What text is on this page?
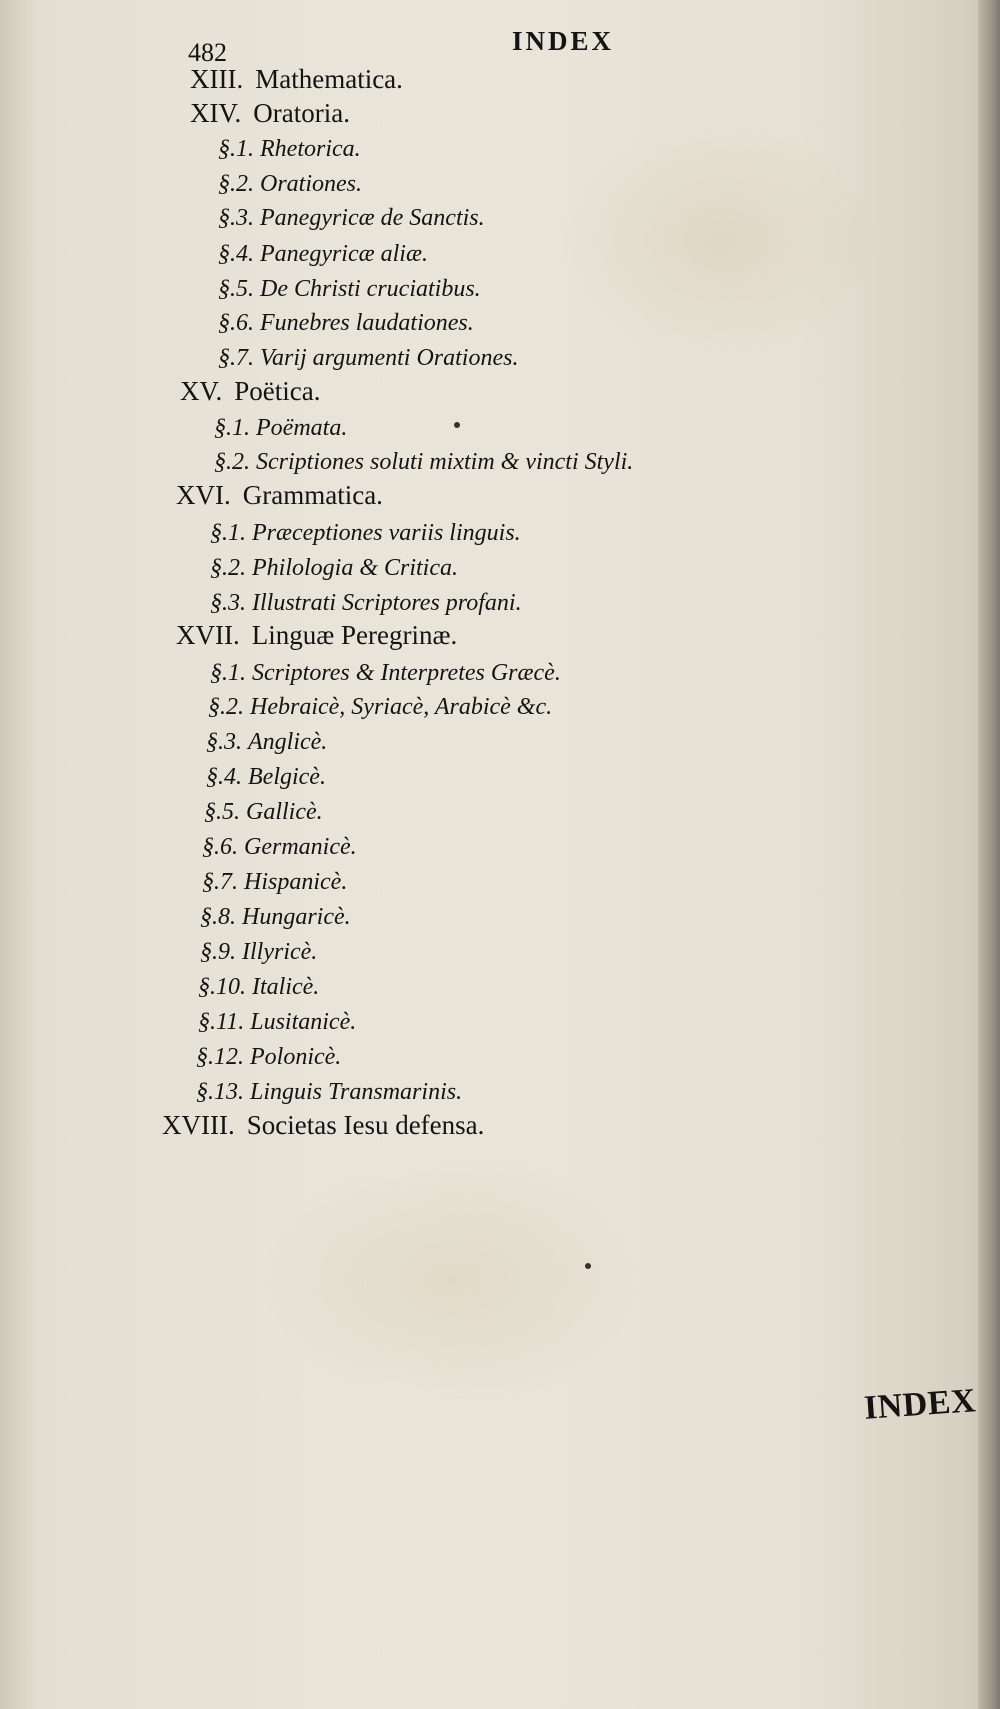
482	INDEX
XIII. Mathematica.
XIV. Oratoria.
§.1. Rhetorica.
§.2. Orationes.
§.3. Panegyricæ de Sanctis.
§.4. Panegyricæ aliæ.
§.5. De Christi cruciatibus.
§.6. Funebres laudationes.
§.7. Varij argumenti Orationes.
XV. Poëtica.
§.1. Poëmata.
§.2. Scriptiones soluti mixtim & vincti Styli.
XVI. Grammatica.
§.1. Præceptiones variis linguis.
§.2. Philologia & Critica.
§.3. Illustrati Scriptores profani.
XVII. Linguæ Peregrinæ.
§.1. Scriptores & Interpretes Græcè.
§.2. Hebraicè, Syriacè, Arabicè &c.
§.3. Anglicè.
§.4. Belgicè.
§.5. Gallicè.
§.6. Germanicè.
§.7. Hispanicè.
§.8. Hungaricè.
§.9. Illyricè.
§.10. Italicè.
§.11. Lusitanicè.
§.12. Polonicè.
§.13. Linguis Transmarinis.
XVIII. Societas Iesu defensa.
INDEX
